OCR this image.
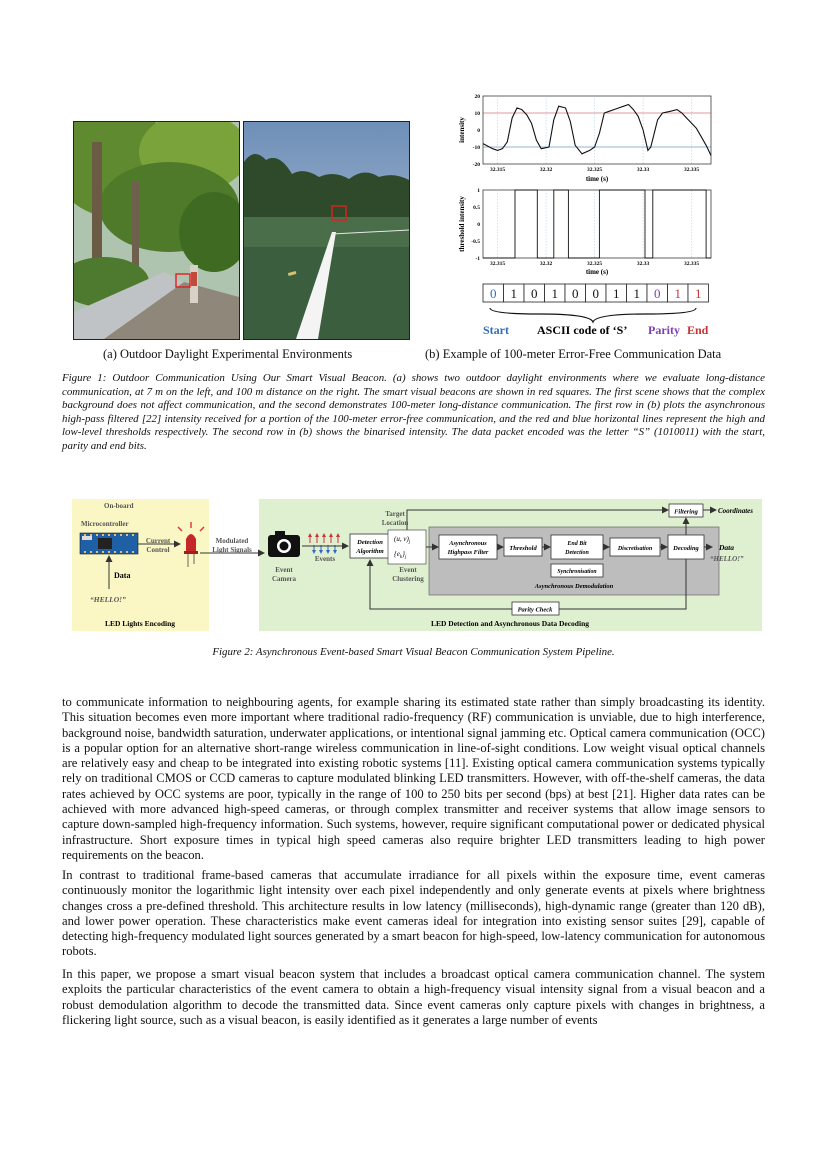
(a) Outdoor Daylight Experimental Environments
20
10
0
-10
-20
32.315	32.32	32.325	32.33	32.335
intensity
time (s)
1
0.5
0
-0.5
-1
32.315	32.32	32.325	32.33	32.335
threshold intensity
time (s)
0 1 0 1 0 0 1 1 0 1 1
Start ASCII code of ‘S’ Parity End
(b) Example of 100-meter Error-Free Communication Data
Figure 1: Outdoor Communication Using Our Smart Visual Beacon. (a) shows two outdoor daylight environments where we evaluate long-distance communication, at 7 m on the left, and 100 m distance on the right. The smart visual beacons are shown in red squares. The first scene shows that the complex background does not affect communication, and the second demonstrates 100-meter long-distance communication. The first row in (b) plots the asynchronous high-pass filtered [22] intensity received for a portion of the 100-meter error-free communication, and the red and blue horizontal lines represent the high and low-level thresholds respectively. The second row in (b) shows the binarised intensity. The data packet encoded was the letter “S” (1010011) with the start, parity and end bits.
On-board
Microcontroller
Current
Control
Data
“HELLO!”
LED Lights Encoding
Modulated
Light Signals
Event
Camera
Events
Detection
Algorithm
Target
Location
(u, $v)_j$
$\{e_k\}_j$
Event
Clustering
Asynchronous
Highpass Filter
Threshold
End Bit
Detection
Synchronisation
Discretisation	Decoding	Data
“HELLO!”
Asynchronous Demodulation
Filtering	Coordinates
Parity Check
LED Detection and Asynchronous Data Decoding
Figure 2: Asynchronous Event-based Smart Visual Beacon Communication System Pipeline.

to communicate information to neighbouring agents, for example sharing its estimated state rather than simply broadcasting its identity. This situation becomes even more important where traditional radio-frequency (RF) communication is unviable, due to high interference, background noise, bandwidth saturation, underwater applications, or intentional signal jamming etc. Optical camera communication (OCC) is a popular option for an alternative short-range wireless communication in line-of-sight conditions. Low weight visual optical channels are relatively easy and cheap to be integrated into existing robotic systems [11]. Existing optical camera communication systems typically rely on traditional CMOS or CCD cameras to capture modulated blinking LED transmitters. However, with off-the-shelf cameras, the data rates achieved by OCC systems are poor, typically in the range of 100 to 250 bits per second (bps) at best [21]. Higher data rates can be achieved with more advanced high-speed cameras, or through complex transmitter and receiver systems that allow image sensors to capture down-sampled high-frequency information. Such systems, however, require significant computational power or dedicated physical infrastructure. Short exposure times in typical high speed cameras also require brighter LED transmitters leading to high power requirements on the beacon.

In contrast to traditional frame-based cameras that accumulate irradiance for all pixels within the exposure time, event cameras continuously monitor the logarithmic light intensity over each pixel independently and only generate events at pixels where brightness changes cross a pre-defined threshold. This architecture results in low latency (milliseconds), high-dynamic range (greater than 120 dB), and lower power operation. These characteristics make event cameras ideal for integration into existing sensor suites [29], capable of detecting high-frequency modulated light sources generated by a smart beacon for high-speed, low-latency communication for autonomous robots.

In this paper, we propose a smart visual beacon system that includes a broadcast optical camera communication channel. The system exploits the particular characteristics of the event camera to obtain a high-frequency visual intensity signal from a visual beacon and a robust demodulation algorithm to decode the transmitted data. Since event cameras only capture pixels with changes in brightness, a flickering light source, such as a visual beacon, is easily identified as it generates a large number of events
